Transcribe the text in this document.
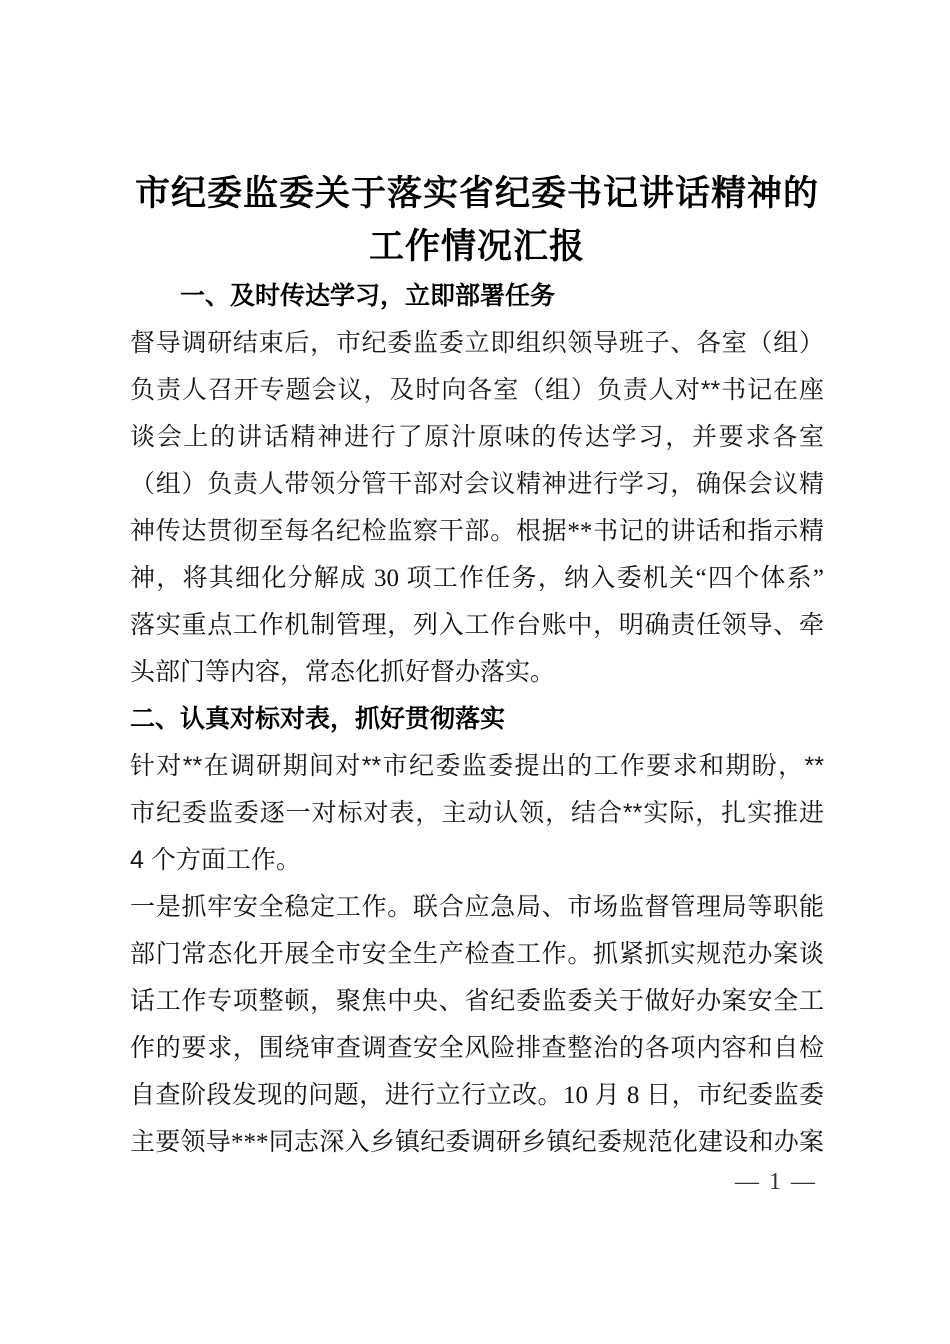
市纪委监委关于落实省纪委书记讲话精神的
工作情况汇报
一、及时传达学习，立即部署任务
督导调研结束后，市纪委监委立即组织领导班子、各室（组）
负责人召开专题会议，及时向各室（组）负责人对**书记在座
谈会上的讲话精神进行了原汁原味的传达学习，并要求各室
（组）负责人带领分管干部对会议精神进行学习，确保会议精
神传达贯彻至每名纪检监察干部。根据**书记的讲话和指示精
神，将其细化分解成 30 项工作任务，纳入委机关“四个体系”
落实重点工作机制管理，列入工作台账中，明确责任领导、牵
头部门等内容，常态化抓好督办落实。
二、认真对标对表，抓好贯彻落实
针对**在调研期间对**市纪委监委提出的工作要求和期盼，**
市纪委监委逐一对标对表，主动认领，结合**实际，扎实推进
4 个方面工作。
一是抓牢安全稳定工作。联合应急局、市场监督管理局等职能
部门常态化开展全市安全生产检查工作。抓紧抓实规范办案谈
话工作专项整顿，聚焦中央、省纪委监委关于做好办案安全工
作的要求，围绕审查调查安全风险排查整治的各项内容和自检
自查阶段发现的问题，进行立行立改。10 月 8 日，市纪委监委
主要领导***同志深入乡镇纪委调研乡镇纪委规范化建设和办案
— 1 —
